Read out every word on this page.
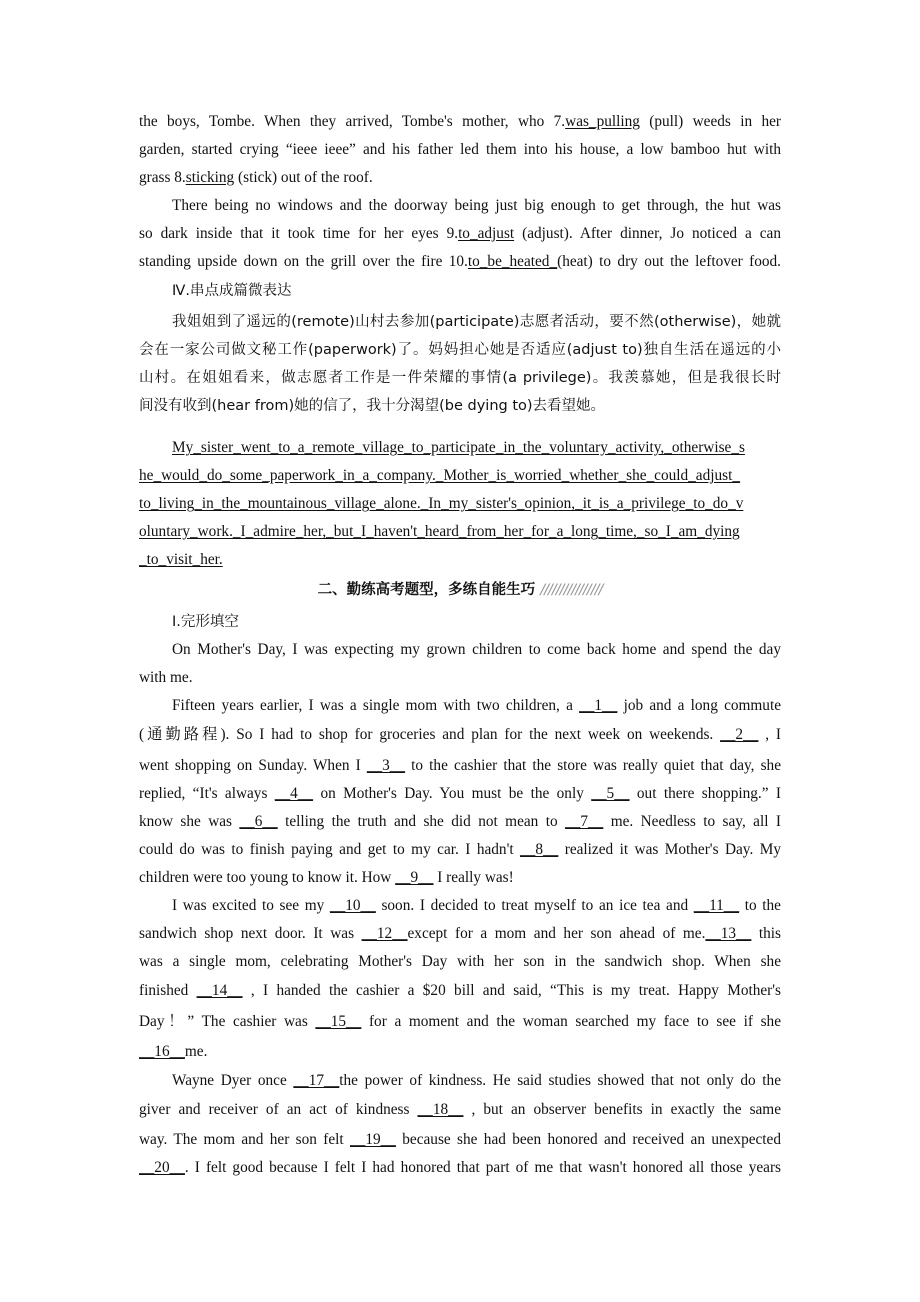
二、勤练高考题型，多练自能生巧 ////////////////
the boys, Tombe. When they arrived, Tombe's mother, who 7.was_pulling (pull) weeds in her
garden, started crying “ieee ieee” and his father led them into his house, a low bamboo hut with
grass 8.sticking (stick) out of the roof.
There being no windows and the doorway being just big enough to get through, the hut was
so dark inside that it took time for her eyes 9.to_adjust (adjust). After dinner, Jo noticed a can
standing upside down on the grill over the fire 10.to_be_heated_(heat) to dry out the leftover food.
Ⅳ.串点成篇微表达
我姐姐到了遥远的(remote)山村去参加(participate)志愿者活动，要不然(otherwise)，她就
会在一家公司做文秘工作(paperwork)了。妈妈担心她是否适应(adjust to)独自生活在遥远的小
山村。在姐姐看来，做志愿者工作是一件荣耀的事情(a privilege)。我羡慕她，但是我很长时
间没有收到(hear from)她的信了，我十分渴望(be dying to)去看望她。
My_sister_went_to_a_remote_village_to_participate_in_the_voluntary_activity,_otherwise_s
he_would_do_some_paperwork_in_a_company._Mother_is_worried_whether_she_could_adjust_
to_living_in_the_mountainous_village_alone._In_my_sister's_opinion,_it_is_a_privilege_to_do_v
oluntary_work._I_admire_her,_but_I_haven't_heard_from_her_for_a_long_time,_so_I_am_dying
_to_visit_her.
Ⅰ.完形填空
On Mother's Day, I was expecting my grown children to come back home and spend the day
with me.
Fifteen years earlier, I was a single mom with two children, a __1__ job and a long commute
(通勤路程). So I had to shop for groceries and plan for the next week on weekends. __2__ , I
went shopping on Sunday. When I __3__ to the cashier that the store was really quiet that day, she
replied, “It's always __4__ on Mother's Day. You must be the only __5__ out there shopping.” I
know she was __6__ telling the truth and she did not mean to __7__ me. Needless to say, all I
could do was to finish paying and get to my car. I hadn't __8__ realized it was Mother's Day. My
children were too young to know it. How __9__ I really was!
I was excited to see my __10__ soon. I decided to treat myself to an ice tea and __11__ to the
sandwich shop next door. It was __12__except for a mom and her son ahead of me.__13__ this
was a single mom, celebrating Mother's Day with her son in the sandwich shop. When she
finished __14__ , I handed the cashier a $20 bill and said, “This is my treat. Happy Mother's
Day！” The cashier was __15__ for a moment and the woman searched my face to see if she
__16__me.
Wayne Dyer once __17__the power of kindness. He said studies showed that not only do the
giver and receiver of an act of kindness __18__ , but an observer benefits in exactly the same
way. The mom and her son felt __19__ because she had been honored and received an unexpected
__20__. I felt good because I felt I had honored that part of me that wasn't honored all those years
